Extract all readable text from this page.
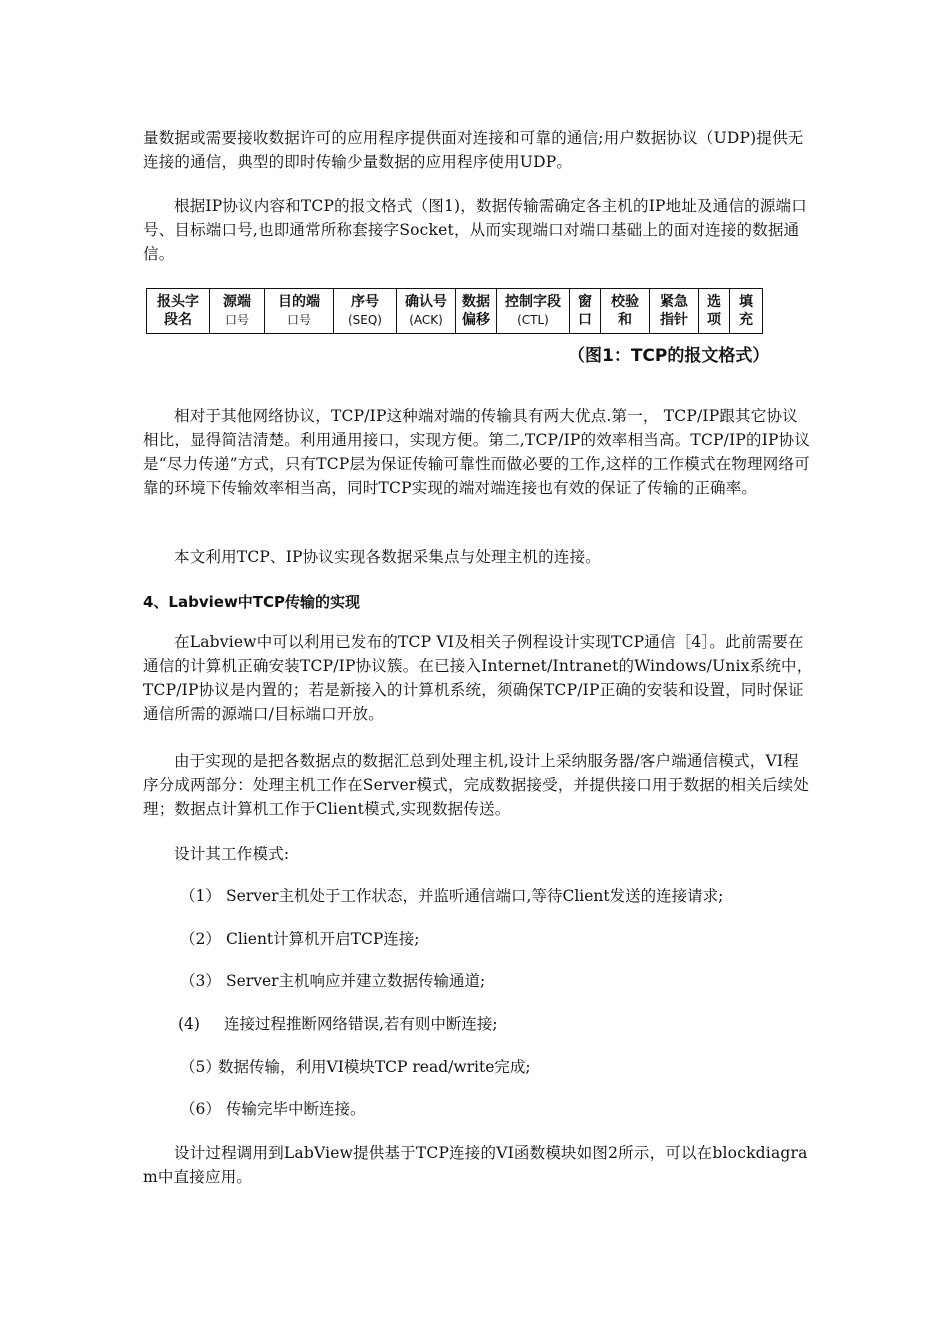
量数据或需要接收数据许可的应用程序提供面对连接和可靠的通信;用户数据协议（UDP)提供无连接的通信，典型的即时传输少量数据的应用程序使用UDP。

根据IP协议内容和TCP的报文格式（图1)，数据传输需确定各主机的IP地址及通信的源端口号、目标端口号,也即通常所称套接字Socket，从而实现端口对端口基础上的面对连接的数据通信。

报头字
段名
	源端
口号
	目的端
口号
	序号
(SEQ)
	确认号
(ACK)
	数据
偏移
	控制字段
(CTL)
	窗
口
	校验
和
	紧急
指针
	选
项
	填
充
（图1：TCP的报文格式）

相对于其他网络协议，TCP/IP这种端对端的传输具有两大优点.第一， TCP/IP跟其它协议相比，显得简洁清楚。利用通用接口，实现方便。第二,TCP/IP的效率相当高。TCP/IP的IP协议是“尽力传递”方式，只有TCP层为保证传输可靠性而做必要的工作,这样的工作模式在物理网络可靠的环境下传输效率相当高，同时TCP实现的端对端连接也有效的保证了传输的正确率。

本文利用TCP、IP协议实现各数据采集点与处理主机的连接。

4、Labview中TCP传输的实现

在Labview中可以利用已发布的TCP VI及相关子例程设计实现TCP通信［4］。此前需要在通信的计算机正确安装TCP/IP协议簇。在已接入Internet/Intranet的Windows/Unix系统中，TCP/IP协议是内置的；若是新接入的计算机系统，须确保TCP/IP正确的安装和设置，同时保证通信所需的源端口/目标端口开放。

由于实现的是把各数据点的数据汇总到处理主机,设计上采纳服务器/客户端通信模式，VI程序分成两部分：处理主机工作在Server模式，完成数据接受，并提供接口用于数据的相关后续处理；数据点计算机工作于Client模式,实现数据传送。

设计其工作模式:

（1） Server主机处于工作状态，并监听通信端口,等待Client发送的连接请求;

（2） Client计算机开启TCP连接;

（3） Server主机响应并建立数据传输通道;

(4) 连接过程推断网络错误,若有则中断连接;

（5）数据传输，利用VI模块TCP read/write完成;

（6） 传输完毕中断连接。

设计过程调用到LabView提供基于TCP连接的VI函数模块如图2所示，可以在blockdiagram中直接应用。
